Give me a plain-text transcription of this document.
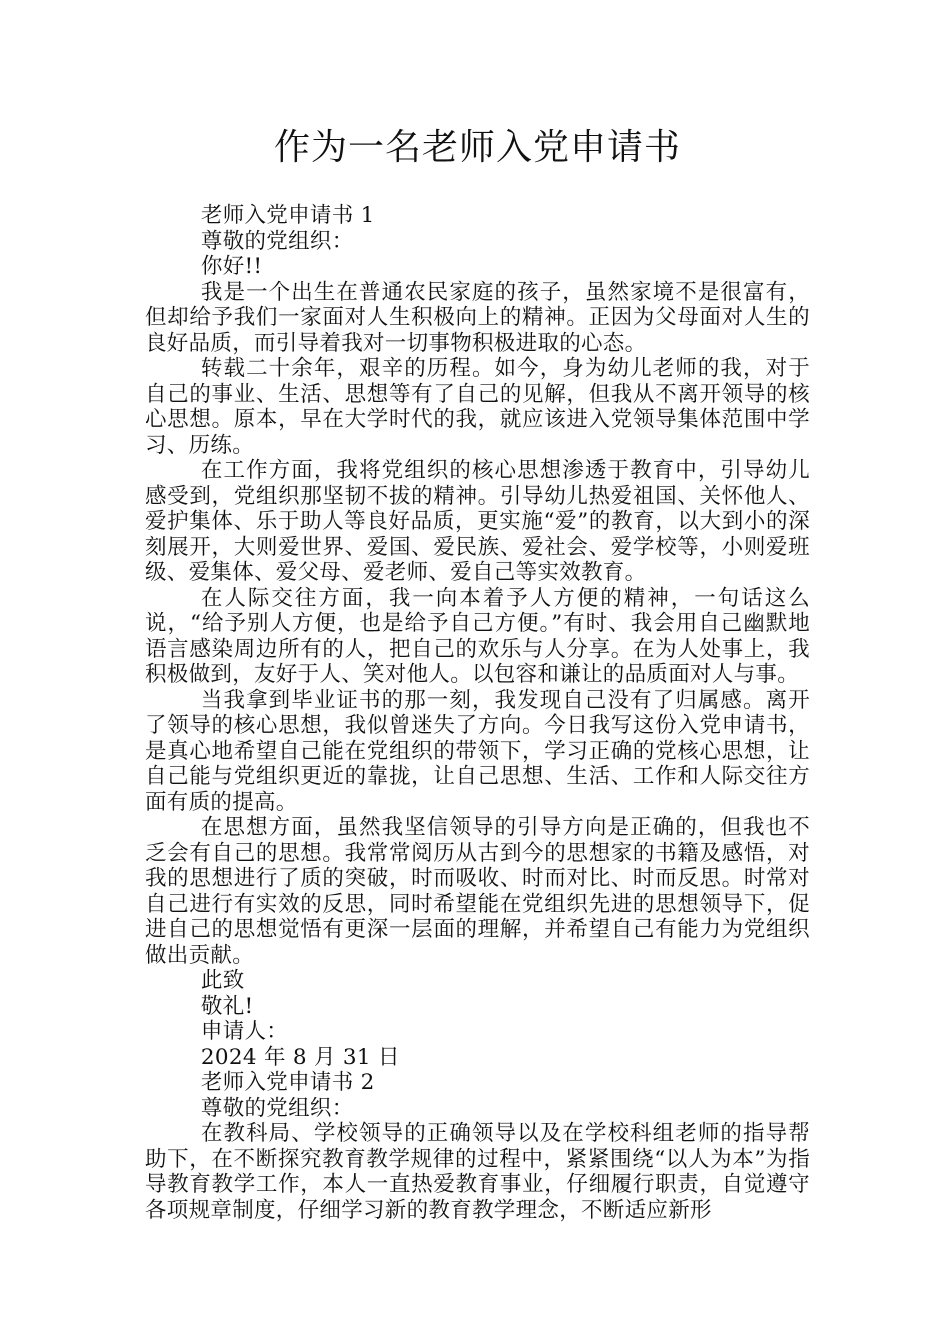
作为一名老师入党申请书

老师入党申请书 1

尊敬的党组织：

你好!!

我是一个出生在普通农民家庭的孩子，虽然家境不是很富有，但却给予我们一家面对人生积极向上的精神。正因为父母面对人生的良好品质，而引导着我对一切事物积极进取的心态。

转载二十余年，艰辛的历程。如今，身为幼儿老师的我，对于自己的事业、生活、思想等有了自己的见解，但我从不离开领导的核心思想。原本，早在大学时代的我，就应该进入党领导集体范围中学习、历练。

在工作方面，我将党组织的核心思想渗透于教育中，引导幼儿感受到，党组织那坚韧不拔的精神。引导幼儿热爱祖国、关怀他人、爱护集体、乐于助人等良好品质，更实施“爱”的教育，以大到小的深刻展开，大则爱世界、爱国、爱民族、爱社会、爱学校等，小则爱班级、爱集体、爱父母、爱老师、爱自己等实效教育。

在人际交往方面，我一向本着予人方便的精神，一句话这么说，“给予别人方便，也是给予自己方便。”有时、我会用自己幽默地语言感染周边所有的人，把自己的欢乐与人分享。在为人处事上，我积极做到，友好于人、笑对他人。以包容和谦让的品质面对人与事。

当我拿到毕业证书的那一刻，我发现自己没有了归属感。离开了领导的核心思想，我似曾迷失了方向。今日我写这份入党申请书，是真心地希望自己能在党组织的带领下，学习正确的党核心思想，让自己能与党组织更近的靠拢，让自己思想、生活、工作和人际交往方面有质的提高。

在思想方面，虽然我坚信领导的引导方向是正确的，但我也不乏会有自己的思想。我常常阅历从古到今的思想家的书籍及感悟，对我的思想进行了质的突破，时而吸收、时而对比、时而反思。时常对自己进行有实效的反思，同时希望能在党组织先进的思想领导下，促进自己的思想觉悟有更深一层面的理解，并希望自己有能力为党组织做出贡献。

此致

敬礼!

申请人：

2024 年 8 月 31 日

老师入党申请书 2

尊敬的党组织：

在教科局、学校领导的正确领导以及在学校科组老师的指导帮助下，在不断探究教育教学规律的过程中，紧紧围绕“以人为本”为指导教育教学工作，本人一直热爱教育事业，仔细履行职责，自觉遵守各项规章制度，仔细学习新的教育教学理念，不断适应新形
